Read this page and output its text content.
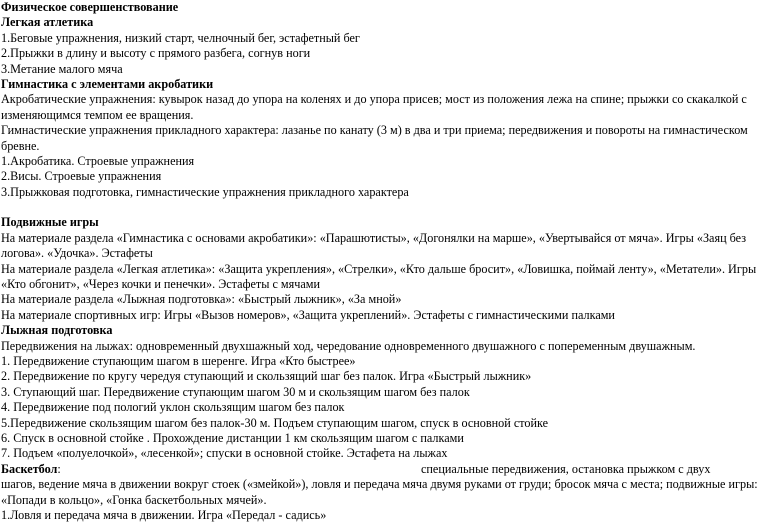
Физическое совершенствование
Легкая атлетика
1.Беговые упражнения, низкий старт, челночный бег, эстафетный бег
2.Прыжки в длину и высоту с прямого разбега, согнув ноги
3.Метание малого мяча
Гимнастика с элементами акробатики
Акробатические упражнения: кувырок назад до упора на коленях и до упора присев; мост из положения лежа на спине; прыжки со скакалкой с
изменяющимся темпом ее вращения.
Гимнастические упражнения прикладного характера: лазанье по канату (3 м) в два и три приема; передвижения и повороты на гимнастическом
бревне.
1.Акробатика. Строевые упражнения
2.Висы. Строевые упражнения
3.Прыжковая подготовка, гимнастические упражнения прикладного характера
Подвижные игры
На материале раздела «Гимнастика с основами акробатики»: «Парашютисты», «Догонялки на марше», «Увертывайся от мяча». Игры «Заяц без
логова». «Удочка». Эстафеты
На материале раздела «Легкая атлетика»: «Защита укрепления», «Стрелки», «Кто дальше бросит», «Ловишка, поймай ленту», «Метатели». Игры
«Кто обгонит», «Через кочки и пенечки». Эстафеты с мячами
На материале раздела «Лыжная подготовка»: «Быстрый лыжник», «За мной»
На материале спортивных игр: Игры «Вызов номеров», «Защита укреплений». Эстафеты с гимнастическими палками
Лыжная подготовка
Передвижения на лыжах: одновременный двухшажный ход, чередование одновременного двушажного с попеременным двушажным.
1. Передвижение ступающим шагом в шеренге. Игра «Кто быстрее»
2. Передвижение по кругу чередуя ступающий и скользящий шаг без палок. Игра «Быстрый лыжник»
3. Ступающий шаг. Передвижение ступающим шагом 30 м и скользящим шагом без палок
4. Передвижение под пологий уклон скользящим шагом без палок
5.Передвижение скользящим шагом без палок-30 м. Подъем ступающим шагом, спуск в основной стойке
6. Спуск в основной стойке . Прохождение дистанции 1 км скользящим шагом с палками
7. Подъем «полуелочкой», «лесенкой»; спуски в основной стойке. Эстафета на лыжах
Баскетбол:	специальные передвижения, остановка прыжком с двух
шагов, ведение мяча в движении вокруг стоек («змейкой»), ловля и передача мяча двумя руками от груди; бросок мяча с места; подвижные игры:
«Попади в кольцо», «Гонка баскетбольных мячей».
1.Ловля и передача мяча в движении. Игра «Передал - садись»
